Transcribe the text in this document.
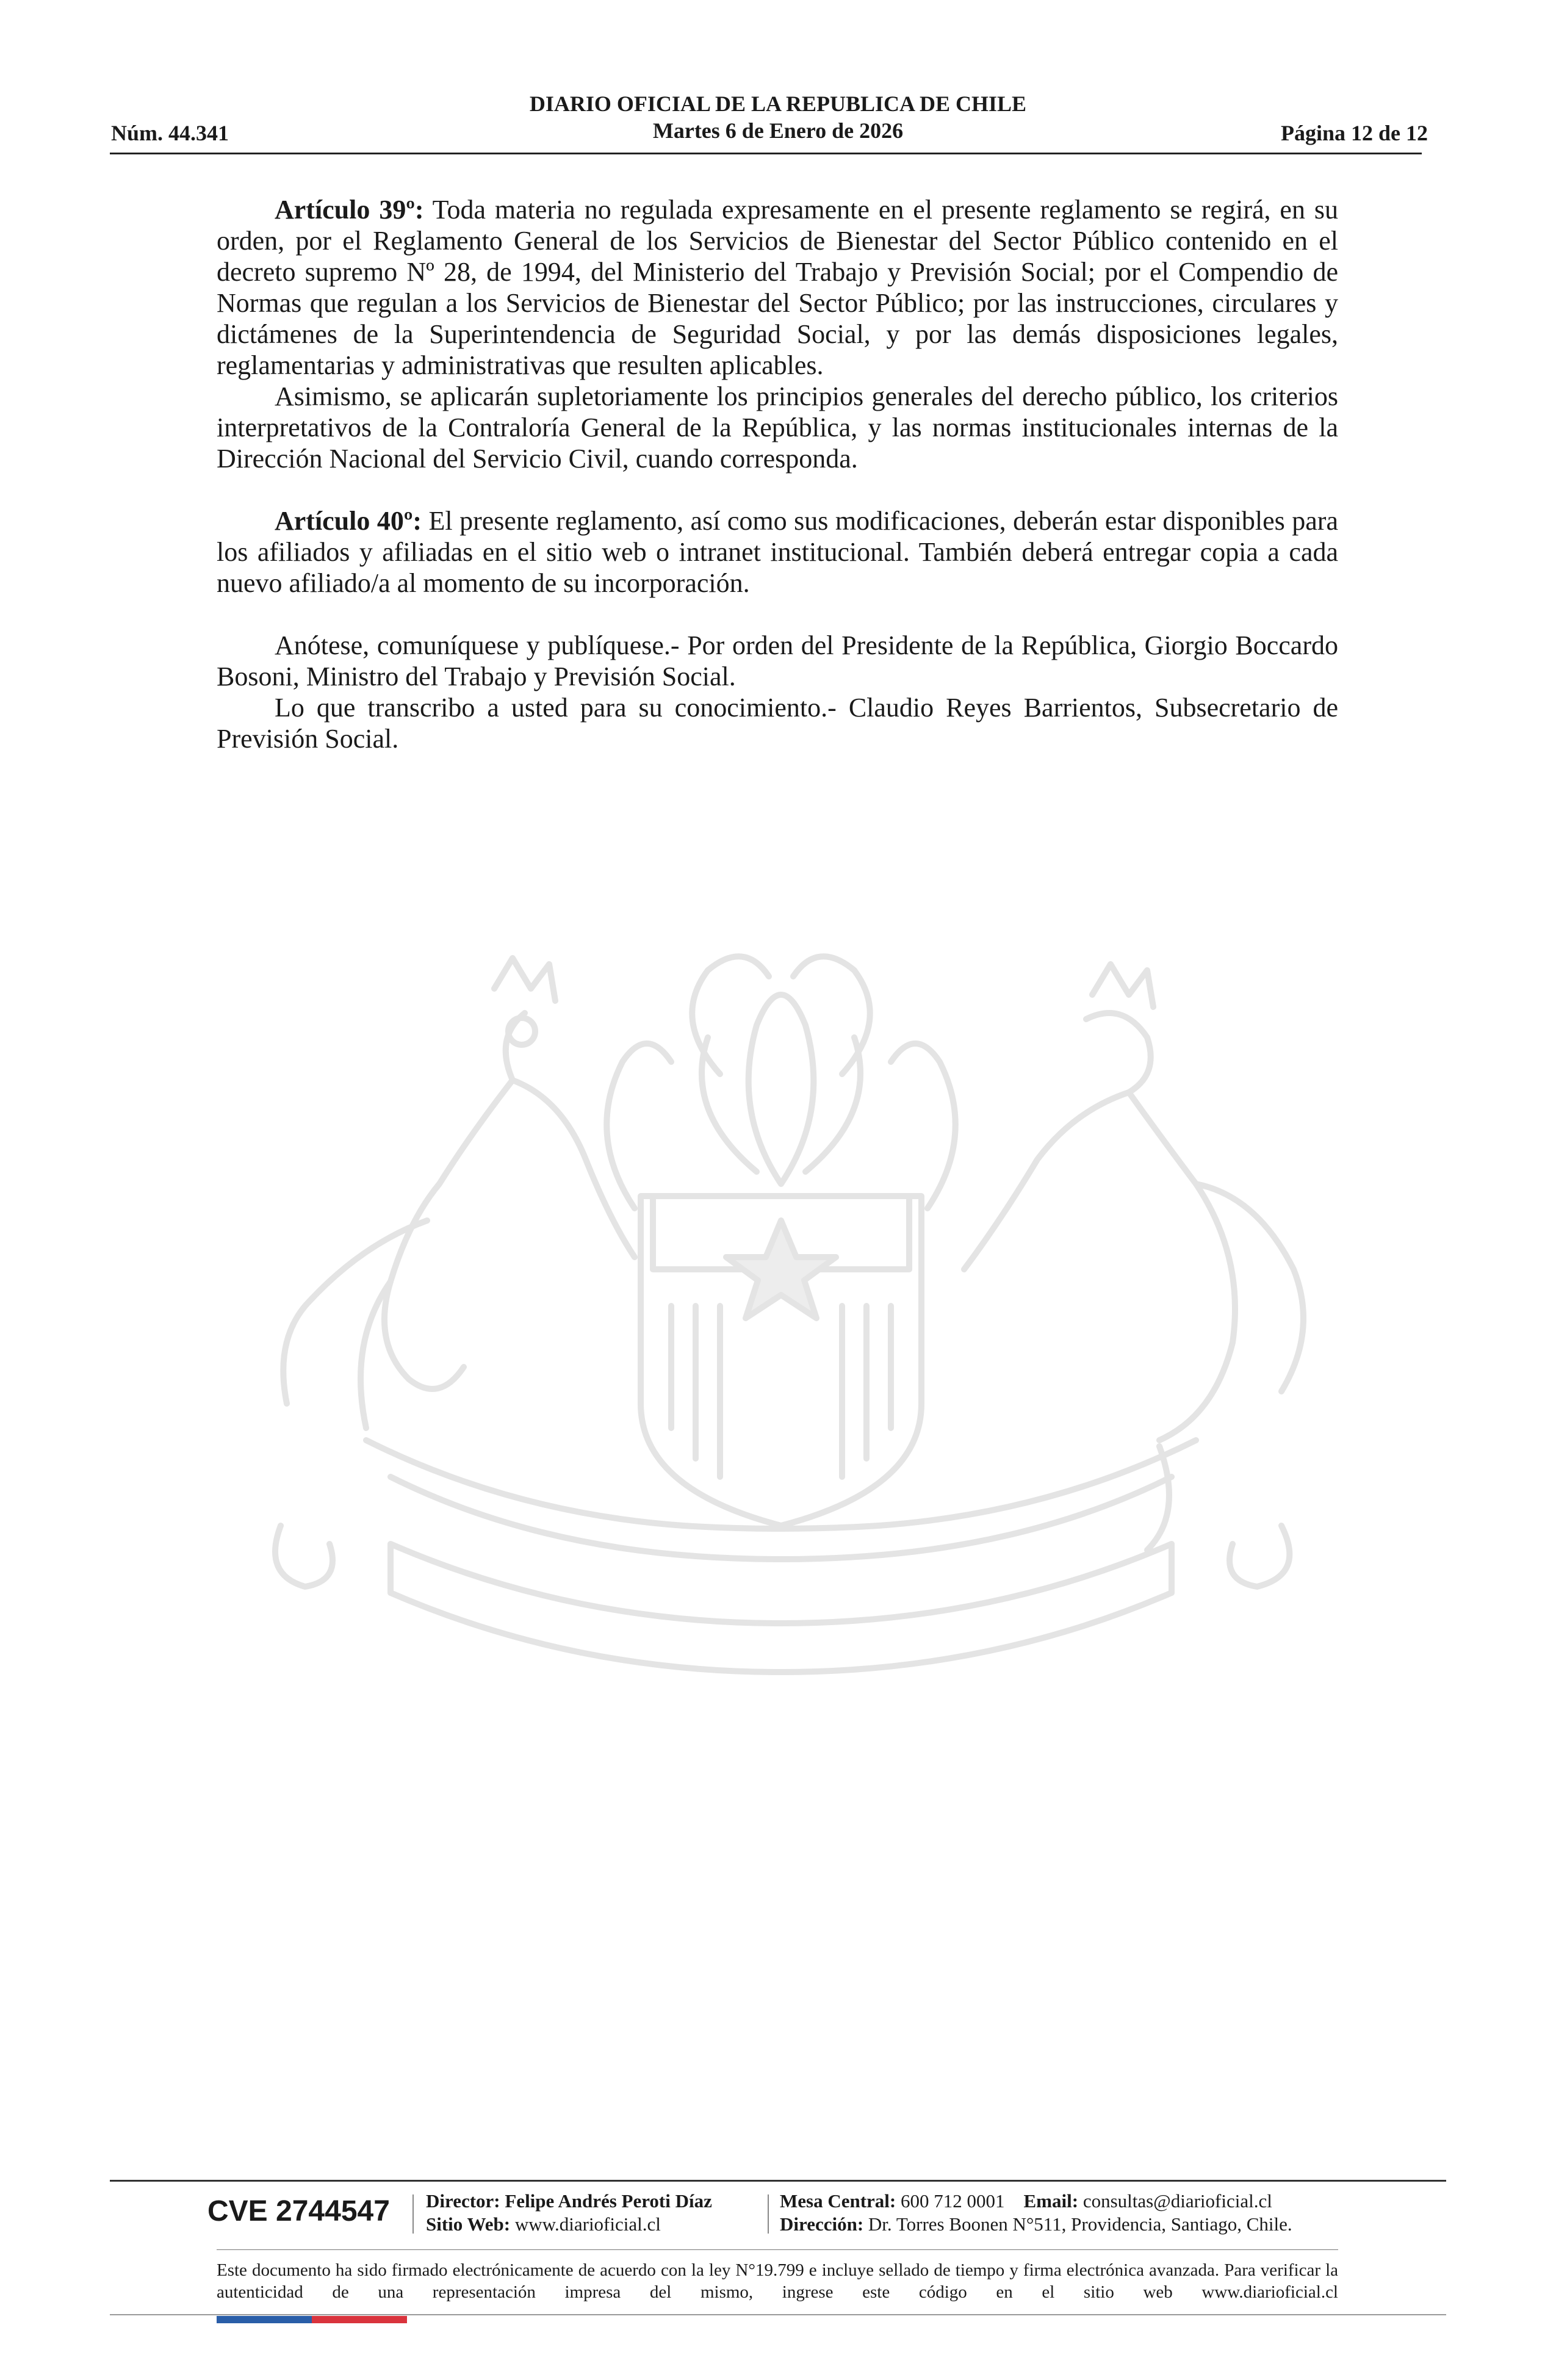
DIARIO OFICIAL DE LA REPUBLICA DE CHILE
Martes 6 de Enero de 2026
Núm. 44.341	Página 12 de 12

Artículo 39º: Toda materia no regulada expresamente en el presente reglamento se regirá, en su orden, por el Reglamento General de los Servicios de Bienestar del Sector Público contenido en el decreto supremo Nº 28, de 1994, del Ministerio del Trabajo y Previsión Social; por el Compendio de Normas que regulan a los Servicios de Bienestar del Sector Público; por las instrucciones, circulares y dictámenes de la Superintendencia de Seguridad Social, y por las demás disposiciones legales, reglamentarias y administrativas que resulten aplicables.

Asimismo, se aplicarán supletoriamente los principios generales del derecho público, los criterios interpretativos de la Contraloría General de la República, y las normas institucionales internas de la Dirección Nacional del Servicio Civil, cuando corresponda.

Artículo 40º: El presente reglamento, así como sus modificaciones, deberán estar disponibles para los afiliados y afiliadas en el sitio web o intranet institucional. También deberá entregar copia a cada nuevo afiliado/a al momento de su incorporación.

Anótese, comuníquese y publíquese.- Por orden del Presidente de la República, Giorgio Boccardo Bosoni, Ministro del Trabajo y Previsión Social.

Lo que transcribo a usted para su conocimiento.- Claudio Reyes Barrientos, Subsecretario de Previsión Social.

CVE 2744547	Director: Felipe Andrés Peroti Díaz
Sitio Web: www.diarioficial.cl
Mesa Central: 600 712 0001 Email: consultas@diarioficial.cl
Dirección: Dr. Torres Boonen N°511, Providencia, Santiago, Chile.
Este documento ha sido firmado electrónicamente de acuerdo con la ley N°19.799 e incluye sellado de tiempo y firma electrónica avanzada. Para verificar la autenticidad de una representación impresa del mismo, ingrese este código en el sitio web www.diarioficial.cl
